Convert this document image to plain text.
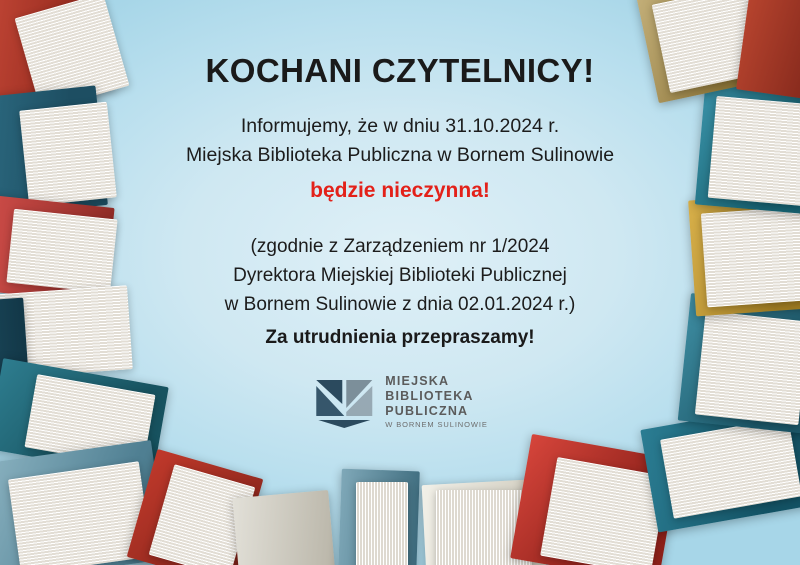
KOCHANI CZYTELNICY!
Informujemy, że w dniu 31.10.2024 r.
Miejska Biblioteka Publiczna w Bornem Sulinowie
będzie nieczynna!
(zgodnie z Zarządzeniem nr 1/2024
Dyrektora Miejskiej Biblioteki Publicznej
w Bornem Sulinowie z dnia 02.01.2024 r.)
Za utrudnienia przepraszamy!
MIEJSKA
BIBLIOTEKA
PUBLICZNA
W BORNEM SULINOWIE
